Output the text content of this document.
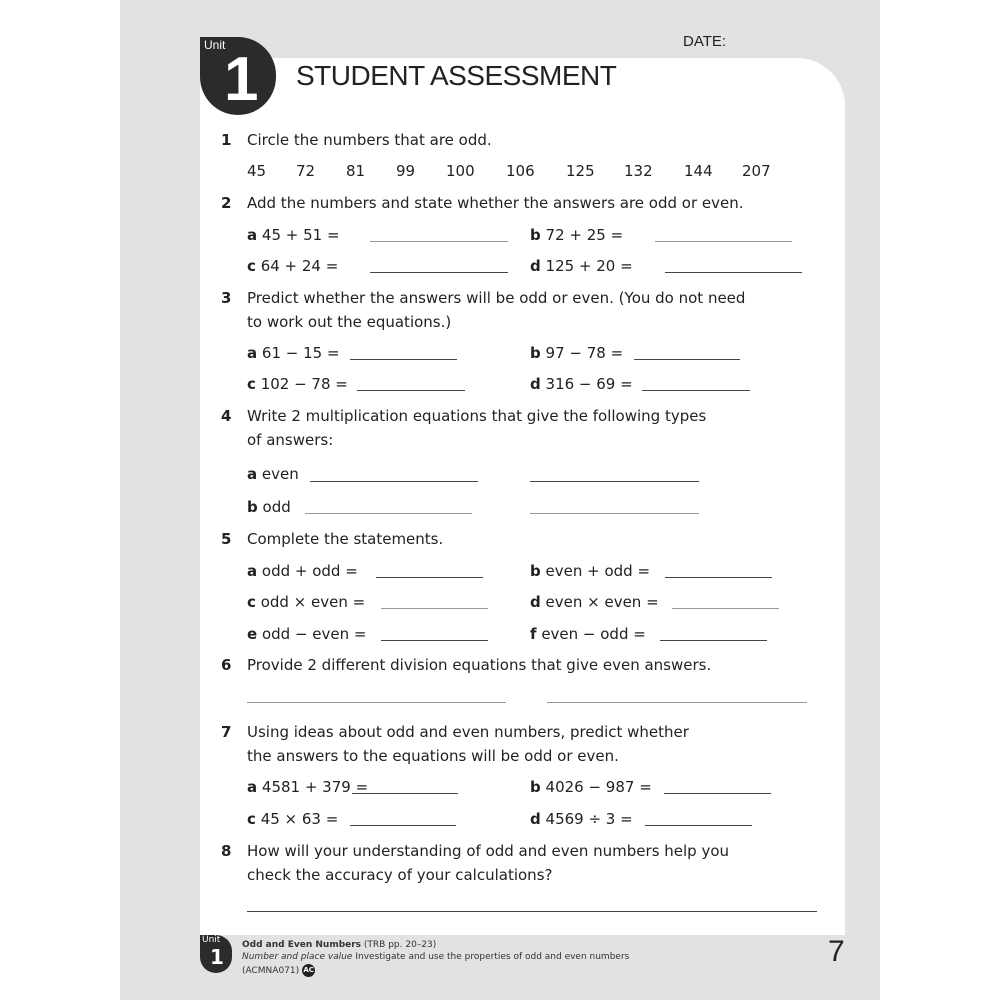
Unit
1 STUDENT ASSESSMENT
DATE:
1 Circle the numbers that are odd.
45 72 81 99 100 106 125 132 144 207
2 Add the numbers and state whether the answers are odd or even.
a 45 + 51 =	b 72 + 25 =
c 64 + 24 =	d 125 + 20 =
3 Predict whether the answers will be odd or even. (You do not need
to work out the equations.)
a 61 − 15 =	b 97 − 78 =
c 102 − 78 =	d 316 − 69 =
4 Write 2 multiplication equations that give the following types
of answers:
a even
b odd
5 Complete the statements.
a odd + odd =	b even + odd =
c odd × even =	d even × even =
e odd − even =	f even − odd =
6 Provide 2 different division equations that give even answers.
7 Using ideas about odd and even numbers, predict whether
the answers to the equations will be odd or even.
a 4581 + 379 =	b 4026 − 987 =
c 45 × 63 =	d 4569 ÷ 3 =
8 How will your understanding of odd and even numbers help you
check the accuracy of your calculations?
Unit
1 Odd and Even Numbers (TRB pp. 20–23)
Number and place value Investigate and use the properties of odd and even numbers
(ACMNA071) AC
7
